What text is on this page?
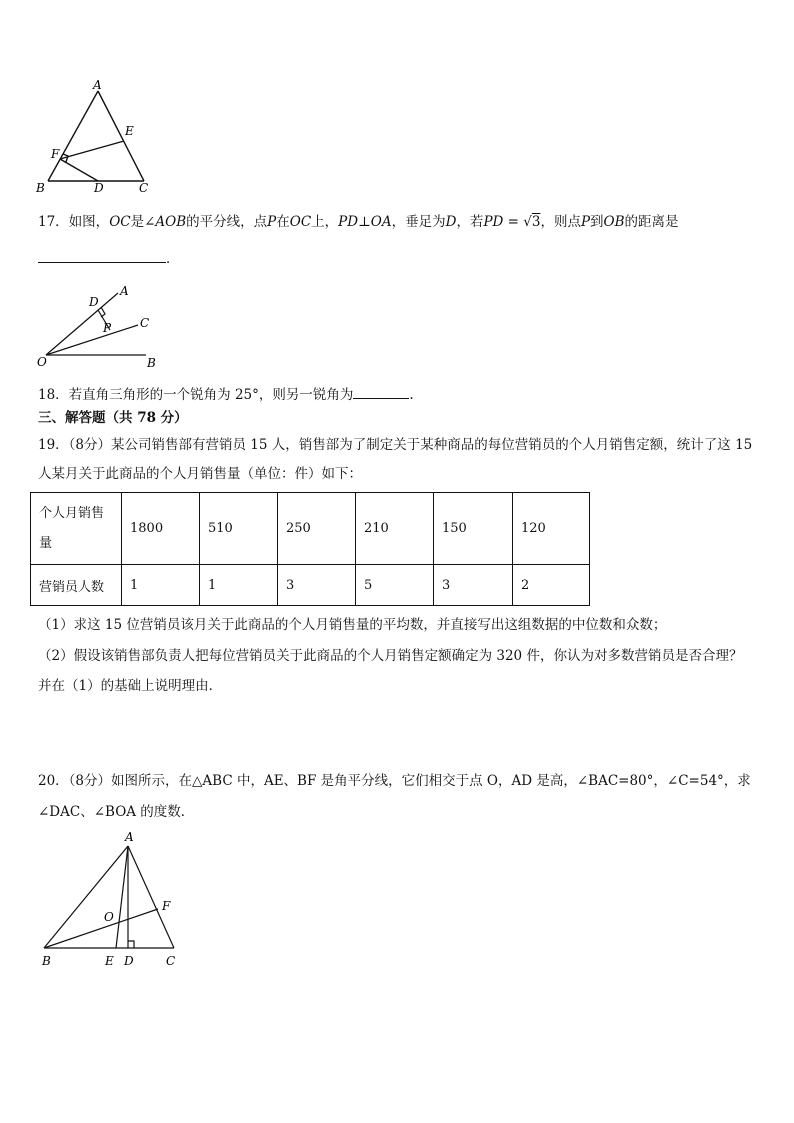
A
E
F
B	D	C
17．如图，OC是∠AOB的平分线，点P在OC上，PD⊥OA，垂足为D，若PD = √3，则点P到OB的距离是
．
D
A
P C
O	B
18．若直角三角形的一个锐角为 25°，则另一锐角为	.
三、解答题（共 78 分）
19．（8分）某公司销售部有营销员 15 人，销售部为了制定关于某种商品的每位营销员的个人月销售定额，统计了这 15
人某月关于此商品的个人月销售量（单位：件）如下：
个人月销售
量	1800	510	250	210	150	120
营销员人数	1	1	3	5	3	2
（1）求这 15 位营销员该月关于此商品的个人月销售量的平均数，并直接写出这组数据的中位数和众数；
（2）假设该销售部负责人把每位营销员关于此商品的个人月销售定额确定为 320 件，你认为对多数营销员是否合理？
并在（1）的基础上说明理由．
20．（8分）如图所示，在△ABC 中，AE、BF 是角平分线，它们相交于点 O，AD 是高，∠BAC=80°，∠C=54°，求
∠DAC、∠BOA 的度数．
A
O
F
B	E D	C
